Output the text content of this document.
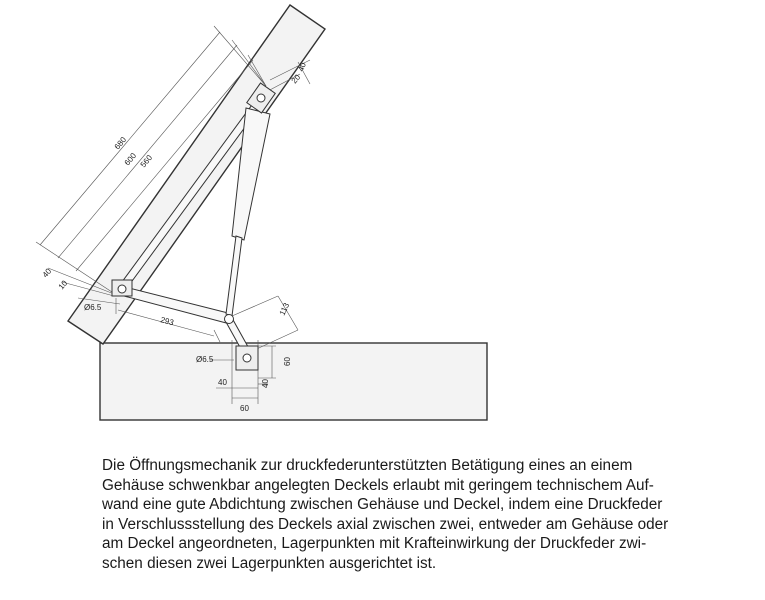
680
600 560
40
20
40
10
Ø6.5
293
113
Ø6.5	60
40
40
60

Die Öffnungsmechanik zur druckfederunterstützten Betätigung eines an einem
Gehäuse schwenkbar angelegten Deckels erlaubt mit geringem technischem Auf-
wand eine gute Abdichtung zwischen Gehäuse und Deckel, indem eine Druckfeder
in Verschlussstellung des Deckels axial zwischen zwei, entweder am Gehäuse oder
am Deckel angeordneten, Lagerpunkten mit Krafteinwirkung der Druckfeder zwi-
schen diesen zwei Lagerpunkten ausgerichtet ist.
